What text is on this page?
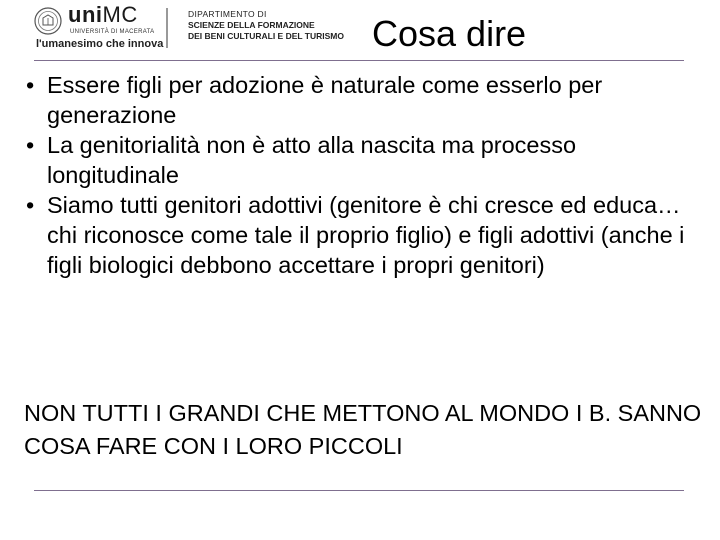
uniMC
UNIVERSITÀ DI MACERATA
l'umanesimo che innova
DIPARTIMENTO DI
SCIENZE DELLA FORMAZIONE
DEI BENI CULTURALI E DEL TURISMO Cosa dire
• Essere figli per adozione è naturale come esserlo per generazione
• La genitorialità non è atto alla nascita ma processo longitudinale
• Siamo tutti genitori adottivi (genitore è chi cresce ed educa…chi riconosce come tale il proprio figlio) e figli adottivi (anche i figli biologici debbono accettare i propri genitori)

NON TUTTI I GRANDI CHE METTONO AL MONDO I B. SANNO COSA FARE CON I LORO PICCOLI
